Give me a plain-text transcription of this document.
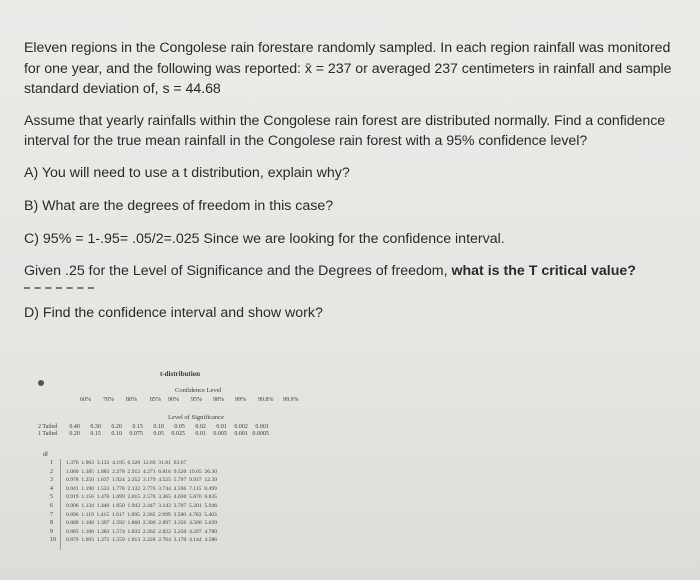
Eleven regions in the Congolese rain forestare randomly sampled. In each region rainfall was monitored for one year, and the following was reported: x̄ = 237 or averaged 237 centimeters in rainfall and sample standard deviation of, s = 44.68
Assume that yearly rainfalls within the Congolese rain forest are distributed normally. Find a confidence interval for the true mean rainfall in the Congolese rain forest with a 95% confidence level?
A) You will need to use a t distribution, explain why?
B) What are the degrees of freedom in this case?
C) 95% = 1-.95= .05/2=.025 Since we are looking for the confidence interval.
Given .25 for the Level of Significance and the Degrees of freedom, what is the T critical value?
D) Find the confidence interval and show work?
t-distribution
Confidence Level
60% 70% 80% 85% 90% 95% 98% 99% 99.8% 99.9%
Level of Significance
2 Tailed 0.40 0.30 0.20 0.15 0.10 0.05 0.02 0.01 0.002 0.001
1 Tailed 0.20 0.15 0.10 0.075 0.05 0.025 0.01 0.005 0.001 0.0005
df
1
2
3
4
5
6
7
8
9
10
1.376  1.963  3.133  4.195  6.320  12.69  31.81  63.67
1.060  1.385  1.883  2.278  2.912  4.271  6.816  9.520  19.65  26.30
0.978  1.250  1.637  1.924  2.352  3.179  4.525  5.797  9.937  12.39
0.941  1.190  1.533  1.778  2.132  2.776  3.744  4.596  7.115  8.499
0.919  1.156  1.476  1.699  2.015  2.570  3.365  4.030  5.876  6.835
0.906  1.134  1.440  1.650  1.943  2.447  3.143  3.707  5.201  5.946
0.896  1.119  1.415  1.617  1.895  2.365  2.999  3.500  4.783  5.403
0.889  1.108  1.397  1.592  1.860  2.306  2.897  3.356  4.500  5.039
0.883  1.100  1.383  1.574  1.833  2.262  2.822  3.250  4.297  4.780
0.879  1.093  1.372  1.559  1.813  2.228  2.764  3.170  4.144  4.586
